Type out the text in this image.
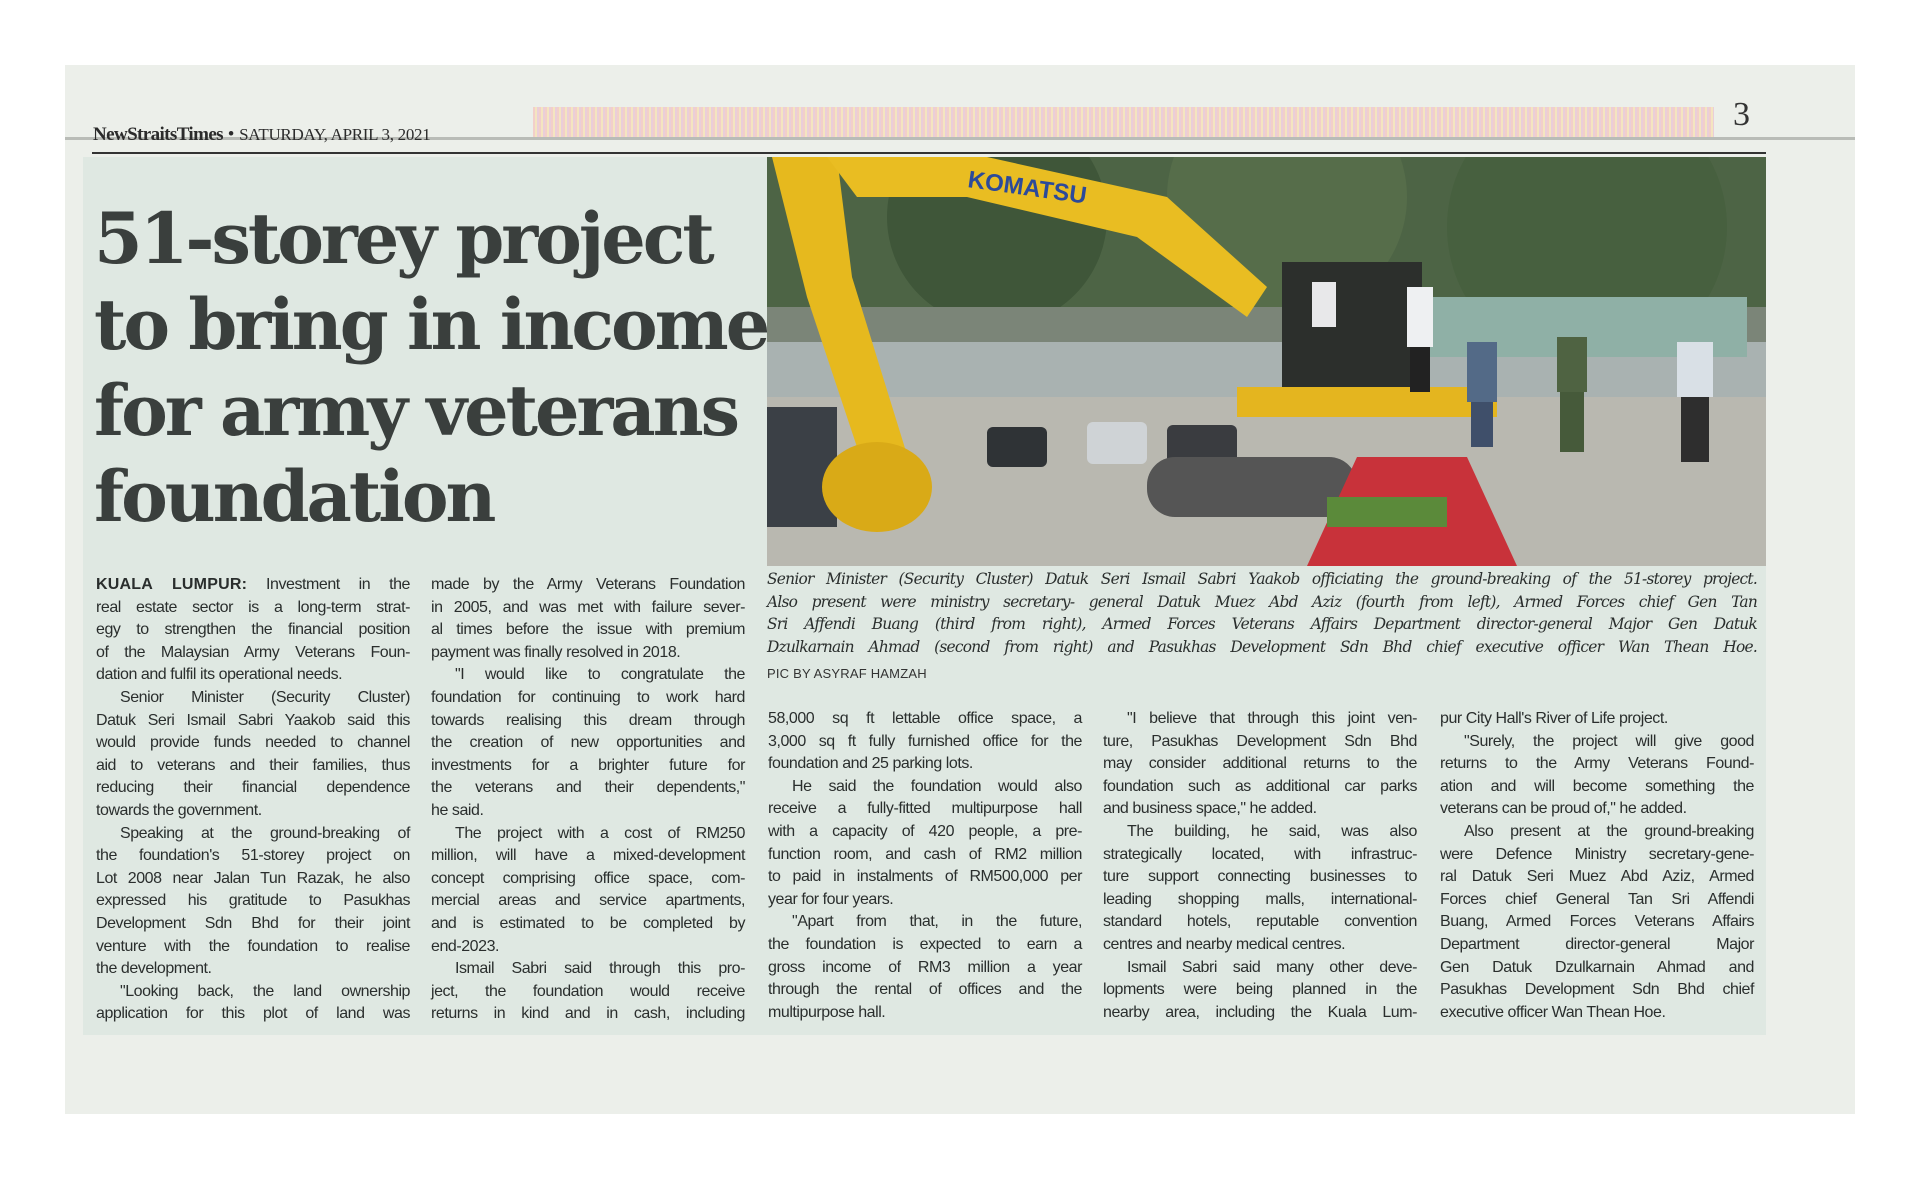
NewStraitsTimes • SATURDAY, APRIL 3, 2021
3
51-storey project
to bring in income
for army veterans
foundation
KOMATSU
Senior Minister (Security Cluster) Datuk Seri Ismail Sabri Yaakob officiating the ground-breaking of the 51-storey project.
Also present were ministry secretary- general Datuk Muez Abd Aziz (fourth from left), Armed Forces chief Gen Tan
Sri Affendi Buang (third from right), Armed Forces Veterans Affairs Department director-general Major Gen Datuk
Dzulkarnain Ahmad (second from right) and Pasukhas Development Sdn Bhd chief executive officer Wan Thean Hoe.
PIC BY ASYRAF HAMZAH
KUALA LUMPUR: Investment in the
real estate sector is a long-term strat-
egy to strengthen the financial position
of the Malaysian Army Veterans Foun-
dation and fulfil its operational needs.
Senior Minister (Security Cluster)
Datuk Seri Ismail Sabri Yaakob said this
would provide funds needed to channel
aid to veterans and their families, thus
reducing their financial dependence
towards the government.
Speaking at the ground-breaking of
the foundation's 51-storey project on
Lot 2008 near Jalan Tun Razak, he also
expressed his gratitude to Pasukhas
Development Sdn Bhd for their joint
venture with the foundation to realise
the development.
"Looking back, the land ownership
application for this plot of land was
made by the Army Veterans Foundation
in 2005, and was met with failure sever-
al times before the issue with premium
payment was finally resolved in 2018.
"I would like to congratulate the
foundation for continuing to work hard
towards realising this dream through
the creation of new opportunities and
investments for a brighter future for
the veterans and their dependents,"
he said.
The project with a cost of RM250
million, will have a mixed-development
concept comprising office space, com-
mercial areas and service apartments,
and is estimated to be completed by
end-2023.
Ismail Sabri said through this pro-
ject, the foundation would receive
returns in kind and in cash, including
58,000 sq ft lettable office space, a
3,000 sq ft fully furnished office for the
foundation and 25 parking lots.
He said the foundation would also
receive a fully-fitted multipurpose hall
with a capacity of 420 people, a pre-
function room, and cash of RM2 million
to paid in instalments of RM500,000 per
year for four years.
"Apart from that, in the future,
the foundation is expected to earn a
gross income of RM3 million a year
through the rental of offices and the
multipurpose hall.
"I believe that through this joint ven-
ture, Pasukhas Development Sdn Bhd
may consider additional returns to the
foundation such as additional car parks
and business space," he added.
The building, he said, was also
strategically located, with infrastruc-
ture support connecting businesses to
leading shopping malls, international-
standard hotels, reputable convention
centres and nearby medical centres.
Ismail Sabri said many other deve-
lopments were being planned in the
nearby area, including the Kuala Lum-
pur City Hall's River of Life project.
"Surely, the project will give good
returns to the Army Veterans Found-
ation and will become something the
veterans can be proud of," he added.
Also present at the ground-breaking
were Defence Ministry secretary-gene-
ral Datuk Seri Muez Abd Aziz, Armed
Forces chief General Tan Sri Affendi
Buang, Armed Forces Veterans Affairs
Department director-general Major
Gen Datuk Dzulkarnain Ahmad and
Pasukhas Development Sdn Bhd chief
executive officer Wan Thean Hoe.
